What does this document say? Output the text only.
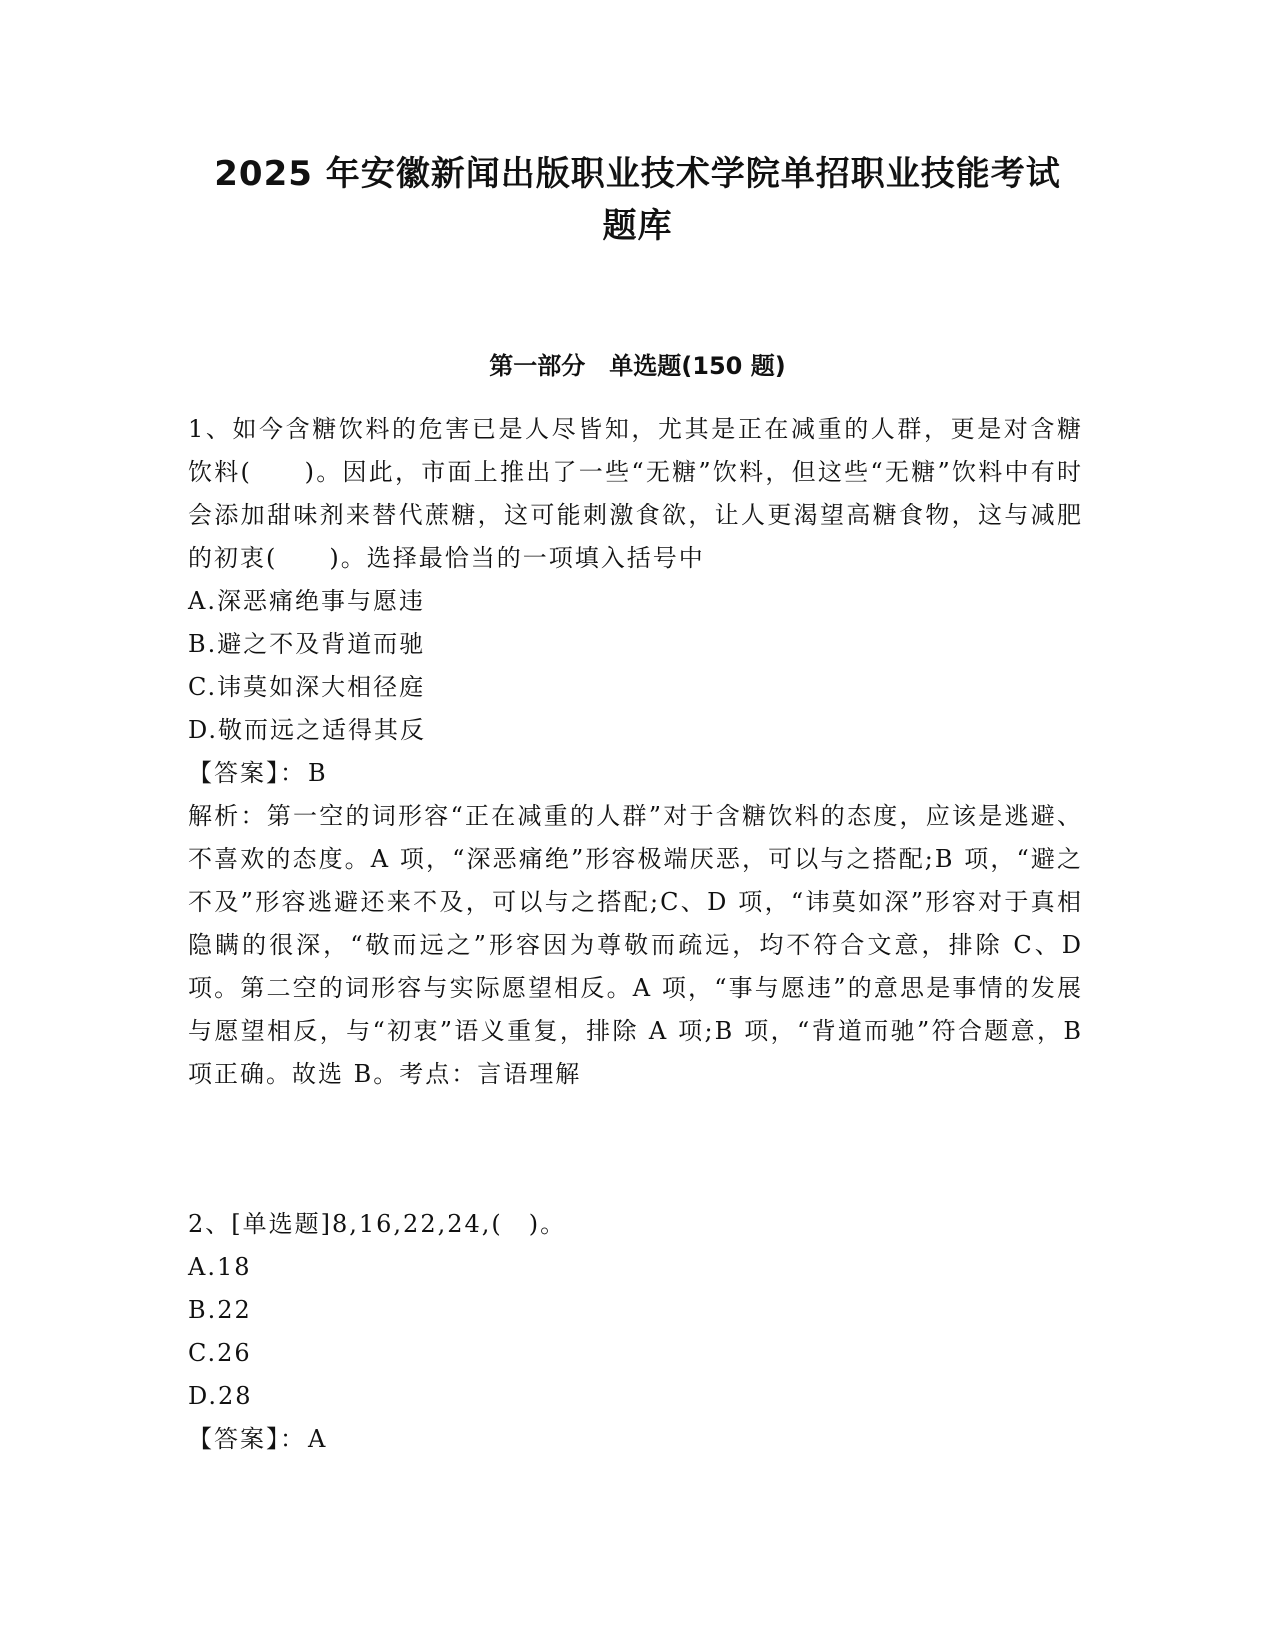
2025 年安徽新闻出版职业技术学院单招职业技能考试
题库
第一部分　单选题(150 题)

1、如今含糖饮料的危害已是人尽皆知，尤其是正在减重的人群，更是对含糖饮料(　　)。因此，市面上推出了一些“无糖”饮料，但这些“无糖”饮料中有时会添加甜味剂来替代蔗糖，这可能刺激食欲，让人更渴望高糖食物，这与减肥的初衷(　　)。选择最恰当的一项填入括号中

A.深恶痛绝事与愿违

B.避之不及背道而驰

C.讳莫如深大相径庭

D.敬而远之适得其反

【答案】：B

解析：第一空的词形容“正在减重的人群”对于含糖饮料的态度，应该是逃避、不喜欢的态度。A 项，“深恶痛绝”形容极端厌恶，可以与之搭配;B 项，“避之不及”形容逃避还来不及，可以与之搭配;C、D 项，“讳莫如深”形容对于真相隐瞒的很深，“敬而远之”形容因为尊敬而疏远，均不符合文意，排除 C、D 项。第二空的词形容与实际愿望相反。A 项，“事与愿违”的意思是事情的发展与愿望相反，与“初衷”语义重复，排除 A 项;B 项，“背道而驰”符合题意，B 项正确。故选 B。考点：言语理解

2、[单选题]8,16,22,24,(　)。

A.18

B.22

C.26

D.28

【答案】：A
